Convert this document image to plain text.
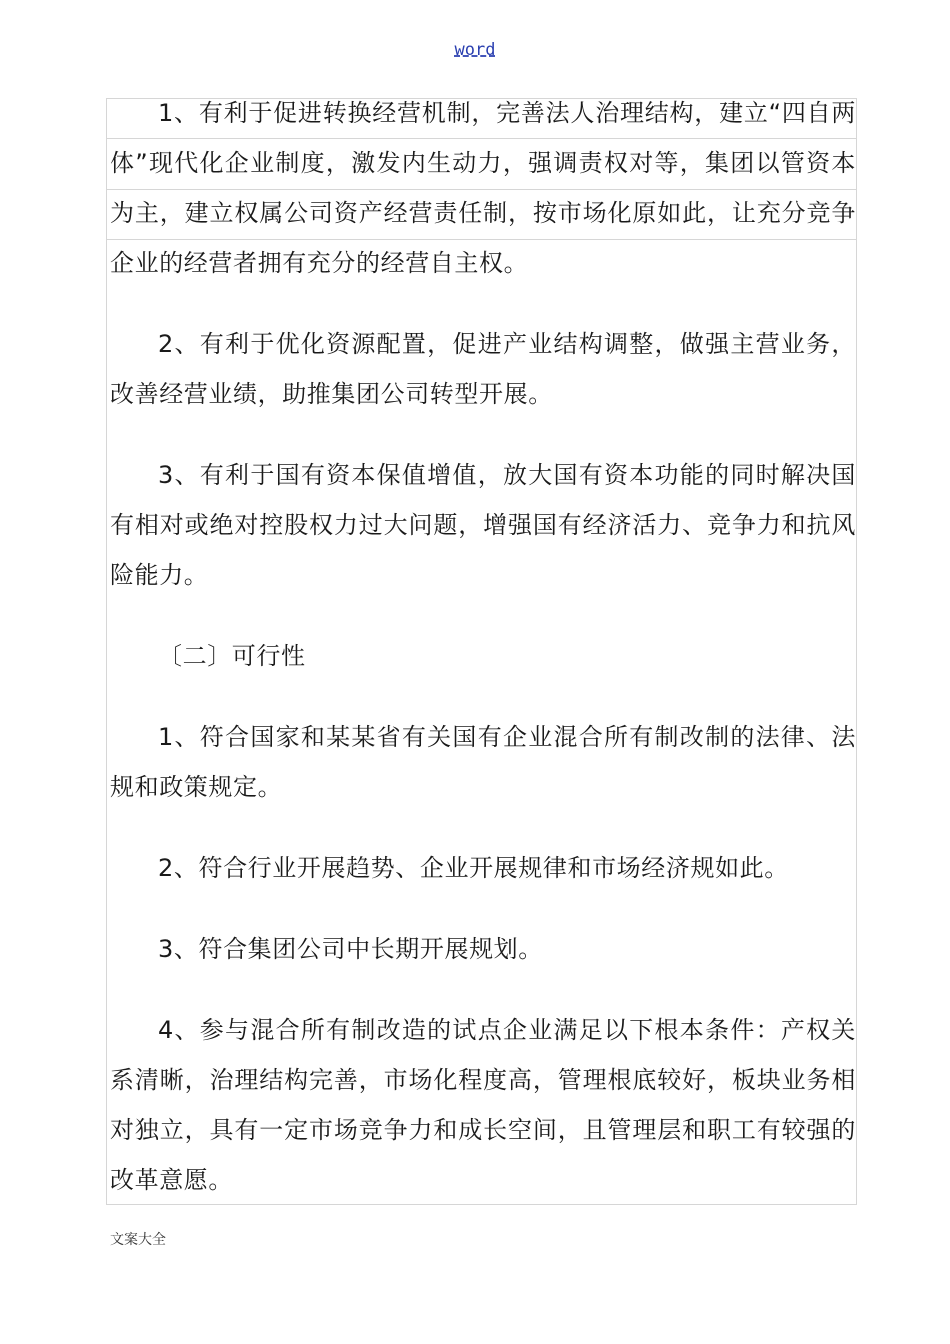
word

1、有利于促进转换经营机制，完善法人治理结构，建立“四自两体”现代化企业制度，激发内生动力，强调责权对等，集团以管资本为主，建立权属公司资产经营责任制，按市场化原如此，让充分竞争企业的经营者拥有充分的经营自主权。

2、有利于优化资源配置，促进产业结构调整，做强主营业务，改善经营业绩，助推集团公司转型开展。

3、有利于国有资本保值增值，放大国有资本功能的同时解决国有相对或绝对控股权力过大问题，增强国有经济活力、竞争力和抗风险能力。

〔二〕可行性

1、符合国家和某某省有关国有企业混合所有制改制的法律、法规和政策规定。

2、符合行业开展趋势、企业开展规律和市场经济规如此。

3、符合集团公司中长期开展规划。

4、参与混合所有制改造的试点企业满足以下根本条件：产权关系清晰，治理结构完善，市场化程度高，管理根底较好，板块业务相对独立，具有一定市场竞争力和成长空间，且管理层和职工有较强的改革意愿。

文案大全
